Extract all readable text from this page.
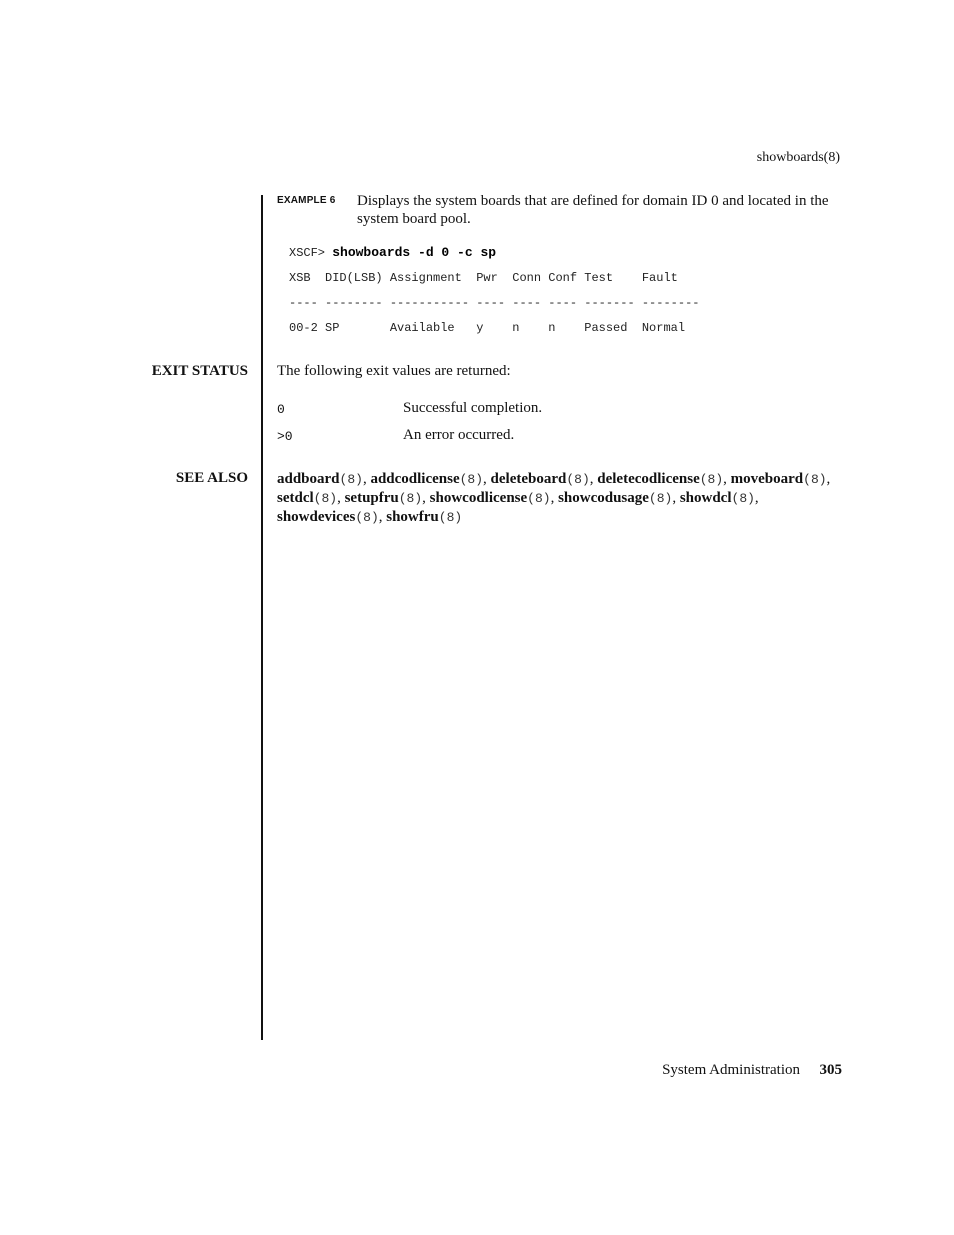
showboards(8)
EXAMPLE 6 Displays the system boards that are defined for domain ID 0 and located in the system board pool.
XSCF> showboards -d 0 -c sp
XSB  DID(LSB) Assignment  Pwr  Conn Conf Test    Fault
---- -------- ----------- ---- ---- ---- ------- --------
00-2 SP       Available   y    n    n    Passed  Normal
EXIT STATUS The following exit values are returned:
0	Successful completion.
>0	An error occurred.
SEE ALSO addboard(8), addcodlicense(8), deleteboard(8), deletecodlicense(8), moveboard(8), setdcl(8), setupfru(8), showcodlicense(8), showcodusage(8), showdcl(8), showdevices(8), showfru(8)
System Administration 305
